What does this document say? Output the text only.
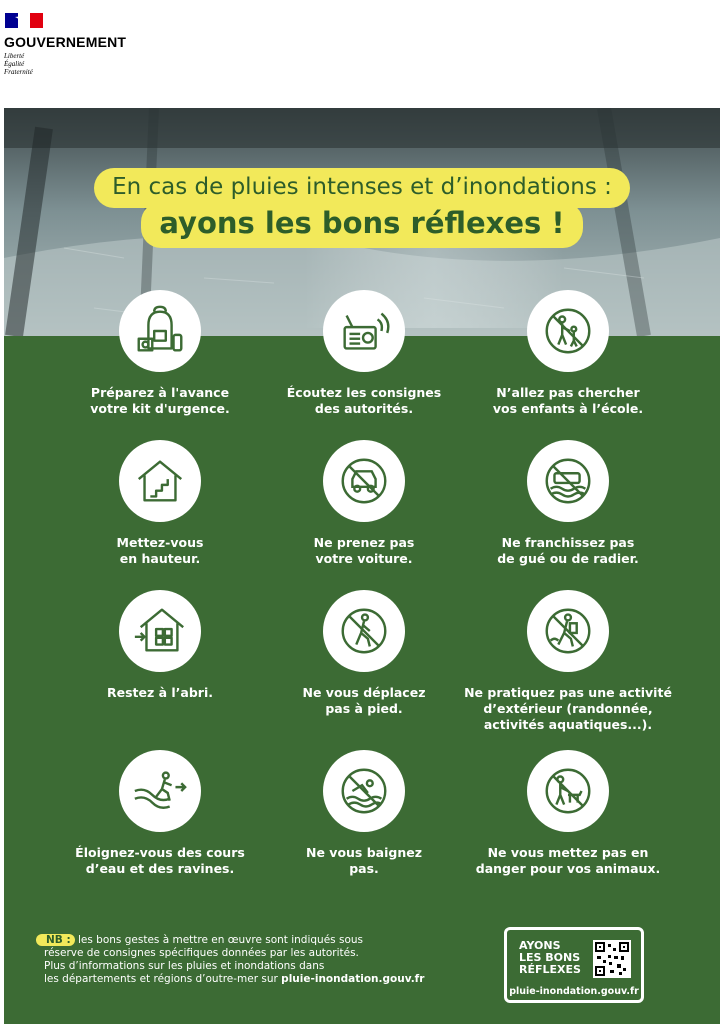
GOUVERNEMENT
Liberté
Égalité
Fraternité
En cas de pluies intenses et d’inondations :
ayons les bons réflexes !
Préparez à l'avance
votre kit d'urgence.
Écoutez les consignes
des autorités.
N’allez pas chercher
vos enfants à l’école.
Mettez-vous
en hauteur.
Ne prenez pas
votre voiture.
Ne franchissez pas
de gué ou de radier.
Restez à l’abri.	Ne vous déplacez
pas à pied.
Ne pratiquez pas une activité
d’extérieur (randonnée,
activités aquatiques...).
Éloignez-vous des cours
d’eau et des ravines.
Ne vous baignez
pas.
Ne vous mettez pas en
danger pour vos animaux.
NB : les bons gestes à mettre en œuvre sont indiqués sous
réserve de consignes spécifiques données par les autorités.
Plus d’informations sur les pluies et inondations dans
les départements et régions d’outre-mer sur pluie-inondation.gouv.fr
AYONS
LES BONS
RÉFLEXES
pluie-inondation.gouv.fr
